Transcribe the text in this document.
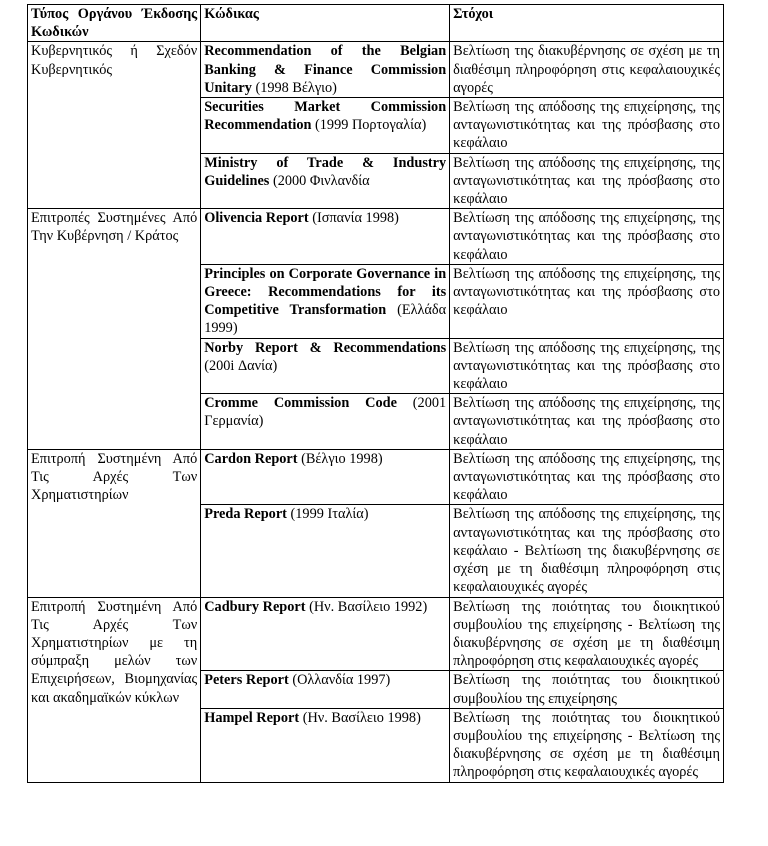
Τύπος Οργάνου Έκδοσης Κωδικών	Κώδικας	Στόχοι
Κυβερνητικός ή Σχεδόν Κυβερνητικός	Recommendation of the Belgian Banking & Finance Commission Unitary (1998 Βέλγιο)	Βελτίωση της διακυβέρνησης σε σχέση με τη διαθέσιμη πληροφόρηση στις κεφαλαιουχικές αγορές
	Securities Market Commission Recommendation (1999 Πορτογαλία)	Βελτίωση της απόδοσης της επιχείρησης, της ανταγωνιστικότητας και της πρόσβασης στο κεφάλαιο
	Ministry of Trade & Industry Guidelines (2000 Φινλανδία	Βελτίωση της απόδοσης της επιχείρησης, της ανταγωνιστικότητας και της πρόσβασης στο κεφάλαιο
Επιτροπές Συστημένες Από Την Κυβέρνηση / Κράτος	Olivencia Report (Ισπανία 1998)	Βελτίωση της απόδοσης της επιχείρησης, της ανταγωνιστικότητας και της πρόσβασης στο κεφάλαιο
	Principles on Corporate Governance in Greece: Recommendations for its Competitive Transformation (Ελλάδα 1999)	Βελτίωση της απόδοσης της επιχείρησης, της ανταγωνιστικότητας και της πρόσβασης στο κεφάλαιο
	Norby Report & Recommendations (200i Δανία)	Βελτίωση της απόδοσης της επιχείρησης, της ανταγωνιστικότητας και της πρόσβασης στο κεφάλαιο
	Cromme Commission Code (2001 Γερμανία)	Βελτίωση της απόδοσης της επιχείρησης, της ανταγωνιστικότητας και της πρόσβασης στο κεφάλαιο
Επιτροπή Συστημένη Από Τις Αρχές Των Χρηματιστηρίων	Cardon Report (Βέλγιο 1998)	Βελτίωση της απόδοσης της επιχείρησης, της ανταγωνιστικότητας και της πρόσβασης στο κεφάλαιο
	Preda Report (1999 Ιταλία)	Βελτίωση της απόδοσης της επιχείρησης, της ανταγωνιστικότητας και της πρόσβασης στο κεφάλαιο - Βελτίωση της διακυβέρνησης σε σχέση με τη διαθέσιμη πληροφόρηση στις κεφαλαιουχικές αγορές
Επιτροπή Συστημένη Από Τις Αρχές Των Χρηματιστηρίων με τη σύμπραξη μελών των Επιχειρήσεων, Βιομηχανίας και ακαδημαϊκών κύκλων	Cadbury Report (Ην. Βασίλειο 1992)	Βελτίωση της ποιότητας του διοικητικού συμβουλίου της επιχείρησης - Βελτίωση της διακυβέρνησης σε σχέση με τη διαθέσιμη πληροφόρηση στις κεφαλαιουχικές αγορές
	Peters Report (Ολλανδία 1997)	Βελτίωση της ποιότητας του διοικητικού συμβουλίου της επιχείρησης
	Hampel Report (Ην. Βασίλειο 1998)	Βελτίωση της ποιότητας του διοικητικού συμβουλίου της επιχείρησης - Βελτίωση της διακυβέρνησης σε σχέση με τη διαθέσιμη πληροφόρηση στις κεφαλαιουχικές αγορές
